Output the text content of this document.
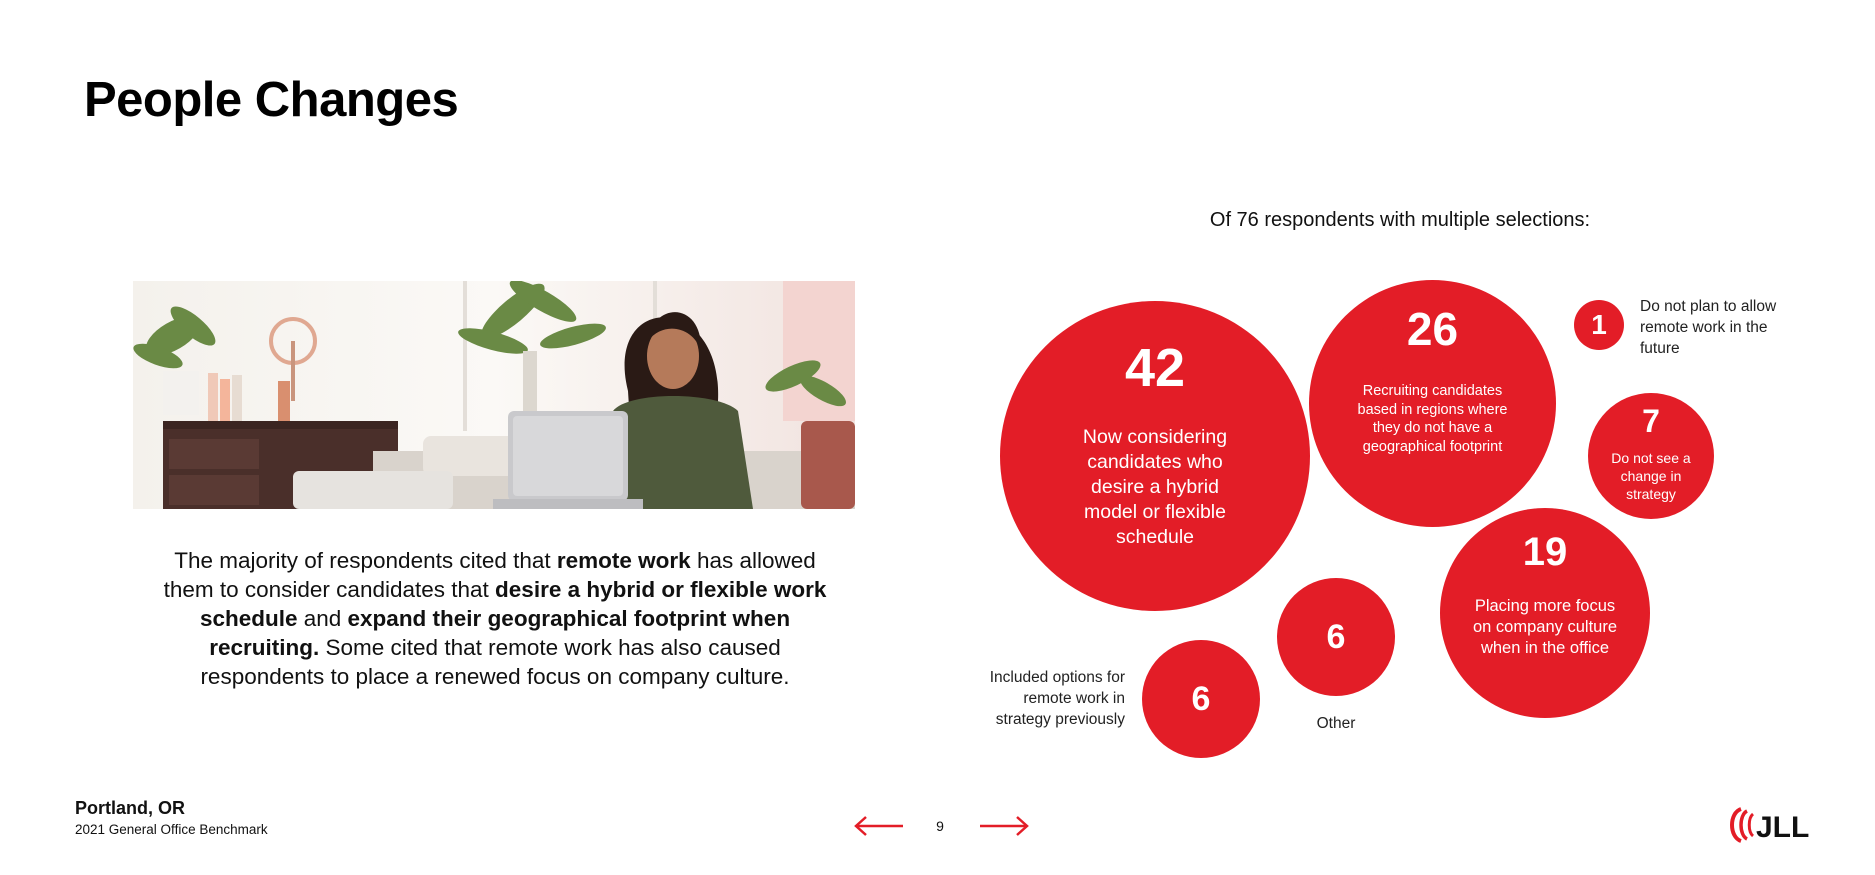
People Changes
The majority of respondents cited that remote work has allowed them to consider candidates that desire a hybrid or flexible work schedule and expand their geographical footprint when recruiting. Some cited that remote work has also caused respondents to place a renewed focus on company culture.
Of 76 respondents with multiple selections:
42
Now considering candidates who desire a hybrid model or flexible schedule
26
Recruiting candidates based in regions where they do not have a geographical footprint
1
7
Do not see a change in strategy
19
Placing more focus on company culture when in the office
6
6
Do not plan to allow remote work in the future
Other
Included options for remote work in strategy previously
Portland, OR
2021 General Office Benchmark	9	JLL
